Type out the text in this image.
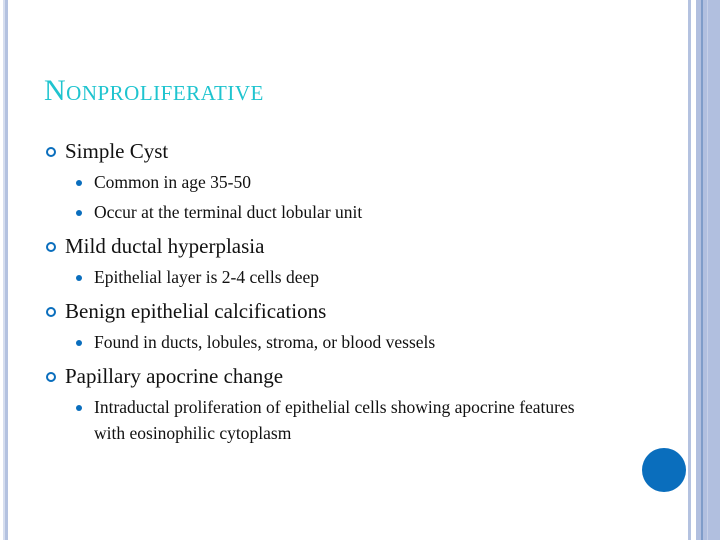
Nonproliferative
Simple Cyst
Common in age 35-50
Occur at the terminal duct lobular unit
Mild ductal hyperplasia
Epithelial layer is 2-4 cells deep
Benign epithelial calcifications
Found in ducts, lobules, stroma, or blood vessels
Papillary apocrine change
Intraductal proliferation of epithelial cells showing apocrine features with eosinophilic cytoplasm
